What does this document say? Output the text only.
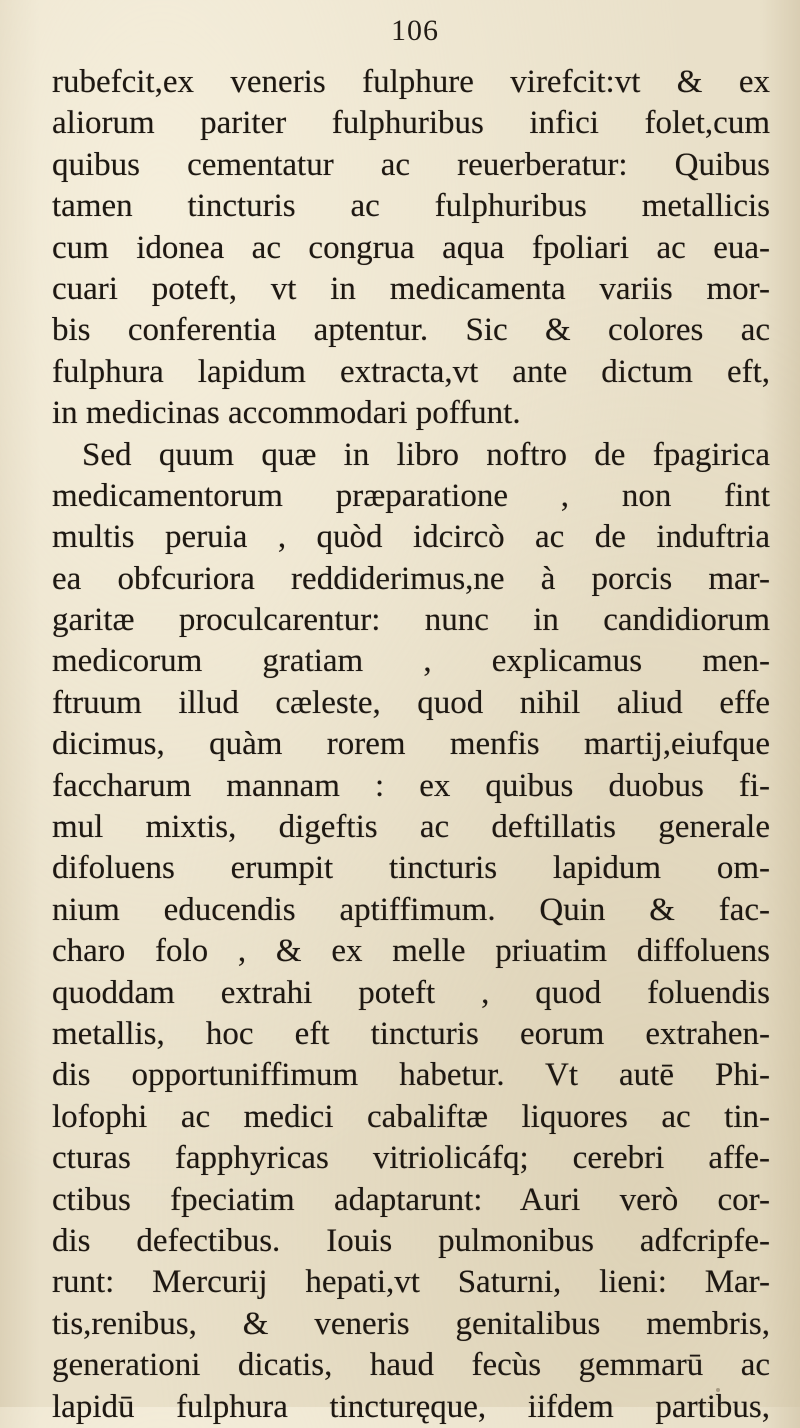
106
rubefcit,ex veneris fulphure virefcit:vt & ex
aliorum pariter fulphuribus infici folet,cum
quibus cementatur ac reuerberatur: Quibus
tamen tincturis ac fulphuribus metallicis
cum idonea ac congrua aqua fpoliari ac eua-
cuari poteft, vt in medicamenta variis mor-
bis conferentia aptentur. Sic & colores ac
fulphura lapidum extracta,vt ante dictum eft,
in medicinas accommodari poffunt.
Sed quum quæ in libro noftro de fpagirica
medicamentorum præparatione , non fint
multis peruia , quòd idcircò ac de induftria
ea obfcuriora reddiderimus,ne à porcis mar-
garitæ proculcarentur: nunc in candidiorum
medicorum gratiam , explicamus men-
ftruum illud cæleste, quod nihil aliud effe
dicimus, quàm rorem menfis martij,eiufque
faccharum mannam : ex quibus duobus fi-
mul mixtis, digeftis ac deftillatis generale
difoluens erumpit tincturis lapidum om-
nium educendis aptiffimum. Quin & fac-
charo folo , & ex melle priuatim diffoluens
quoddam extrahi poteft , quod foluendis
metallis, hoc eft tincturis eorum extrahen-
dis opportuniffimum habetur. Vt autē Phi-
lofophi ac medici cabaliftæ liquores ac tin-
cturas fapphyricas vitriolicáfq; cerebri affe-
ctibus fpeciatim adaptarunt: Auri verò cor-
dis defectibus. Iouis pulmonibus adfcripfe-
runt: Mercurij hepati,vt Saturni, lieni: Mar-
tis,renibus, & veneris genitalibus membris,
generationi dicatis, haud fecùs gemmarū ac
lapidū fulphura tincturęque, iifdem partibus,
